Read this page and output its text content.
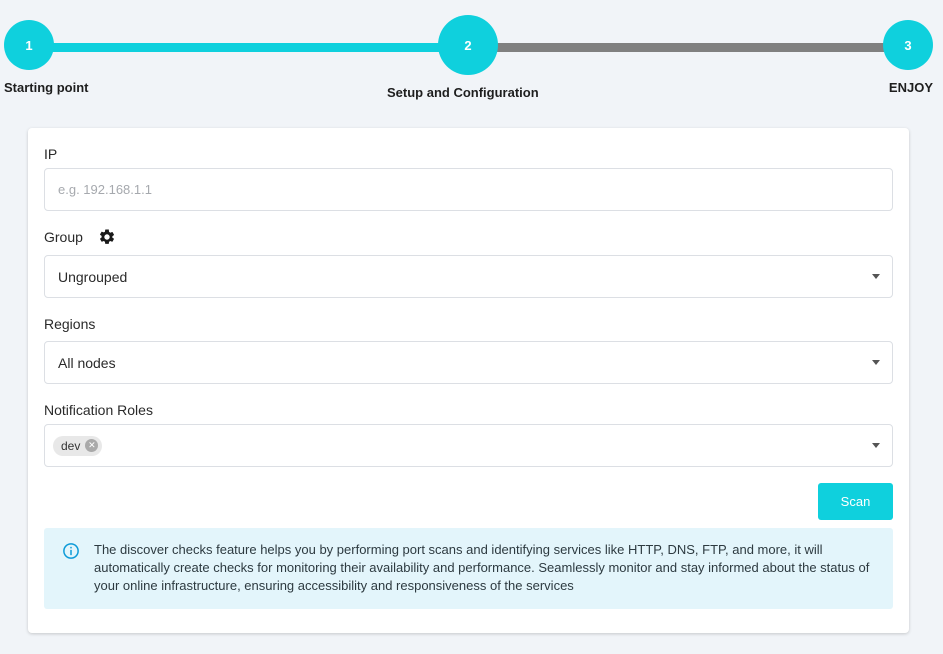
1	2	3
Starting point	Setup and Configuration	ENJOY
IP
e.g. 192.168.1.1
Group
Ungrouped
Regions
All nodes
Notification Roles
dev ✕
Scan
The discover checks feature helps you by performing port scans and identifying services like HTTP, DNS, FTP, and more, it will automatically create checks for monitoring their availability and performance. Seamlessly monitor and stay informed about the status of your online infrastructure, ensuring accessibility and responsiveness of the services
